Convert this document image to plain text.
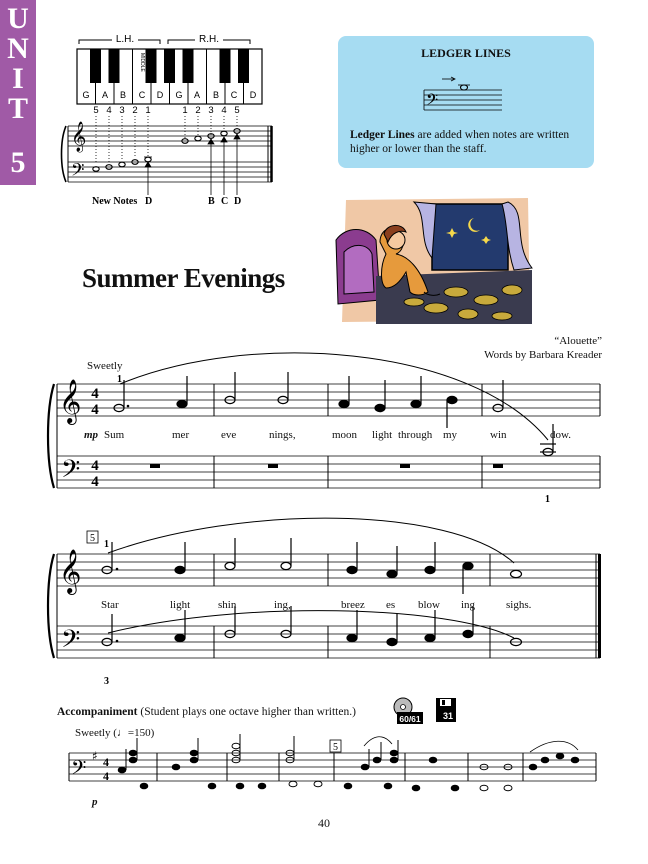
U
N
I
T
5
L.H.	R.H.
MIDDLE
G A B C D G A B C D
5 4 3 2 1	1 2 3 4 5
𝄞
𝄢
New Notes D	B C D
LEDGER LINES
𝄢
Ledger Lines are added when notes are written higher or lower than the staff.
Summer Evenings
“Alouette”
Words by Barbara Kreader
Sweetly
𝄞
𝄢
4
4
4
4
1
1
mp Sum	mer	eve	nings,	moon light through my	win	dow.
𝄞
𝄢
5
1
3
Star	light	shin	ing,	breez es blow ing	sighs.
Accompaniment (Student plays one octave higher than written.)
60/61 31
Sweetly (♩=150)
𝄢 ♯ 4
4
5
p
40
